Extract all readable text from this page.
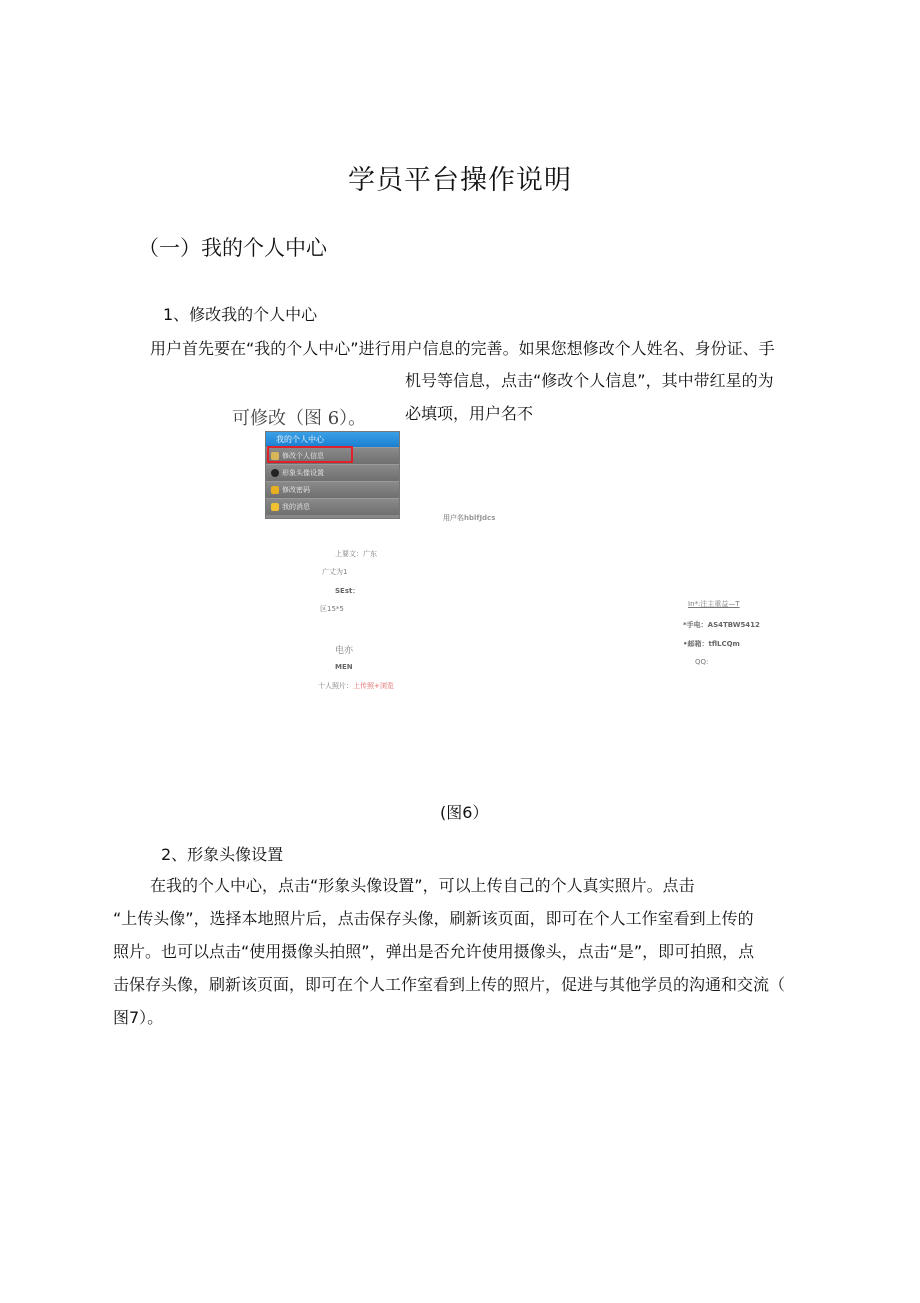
学员平台操作说明
（一）我的个人中心
1、修改我的个人中心
用户首先要在“我的个人中心”进行用户信息的完善。如果您想修改个人姓名、身份证、手
机号等信息，点击“修改个人信息”，其中带红星的为
必填项，用户名不
可修改（图 6）。
我的个人中心
修改个人信息
形象头像设置
修改密码
我的消息
用户名hblfJdcs
上要文：广东
广丈为1
SEst：
区15*5
电亦
MEN
十人照片：上传照+浏览
In*:注主重益—T
*手电：AS4TBW5412
•邮箱：tflLCQm
QQ:
(图6）
2、形象头像设置
在我的个人中心，点击“形象头像设置”，可以上传自己的个人真实照片。点击
“上传头像”，选择本地照片后，点击保存头像，刷新该页面，即可在个人工作室看到上传的
照片。也可以点击“使用摄像头拍照”，弹出是否允许使用摄像头，点击“是”，即可拍照，点
击保存头像，刷新该页面，即可在个人工作室看到上传的照片，促进与其他学员的沟通和交流（
图7）。
